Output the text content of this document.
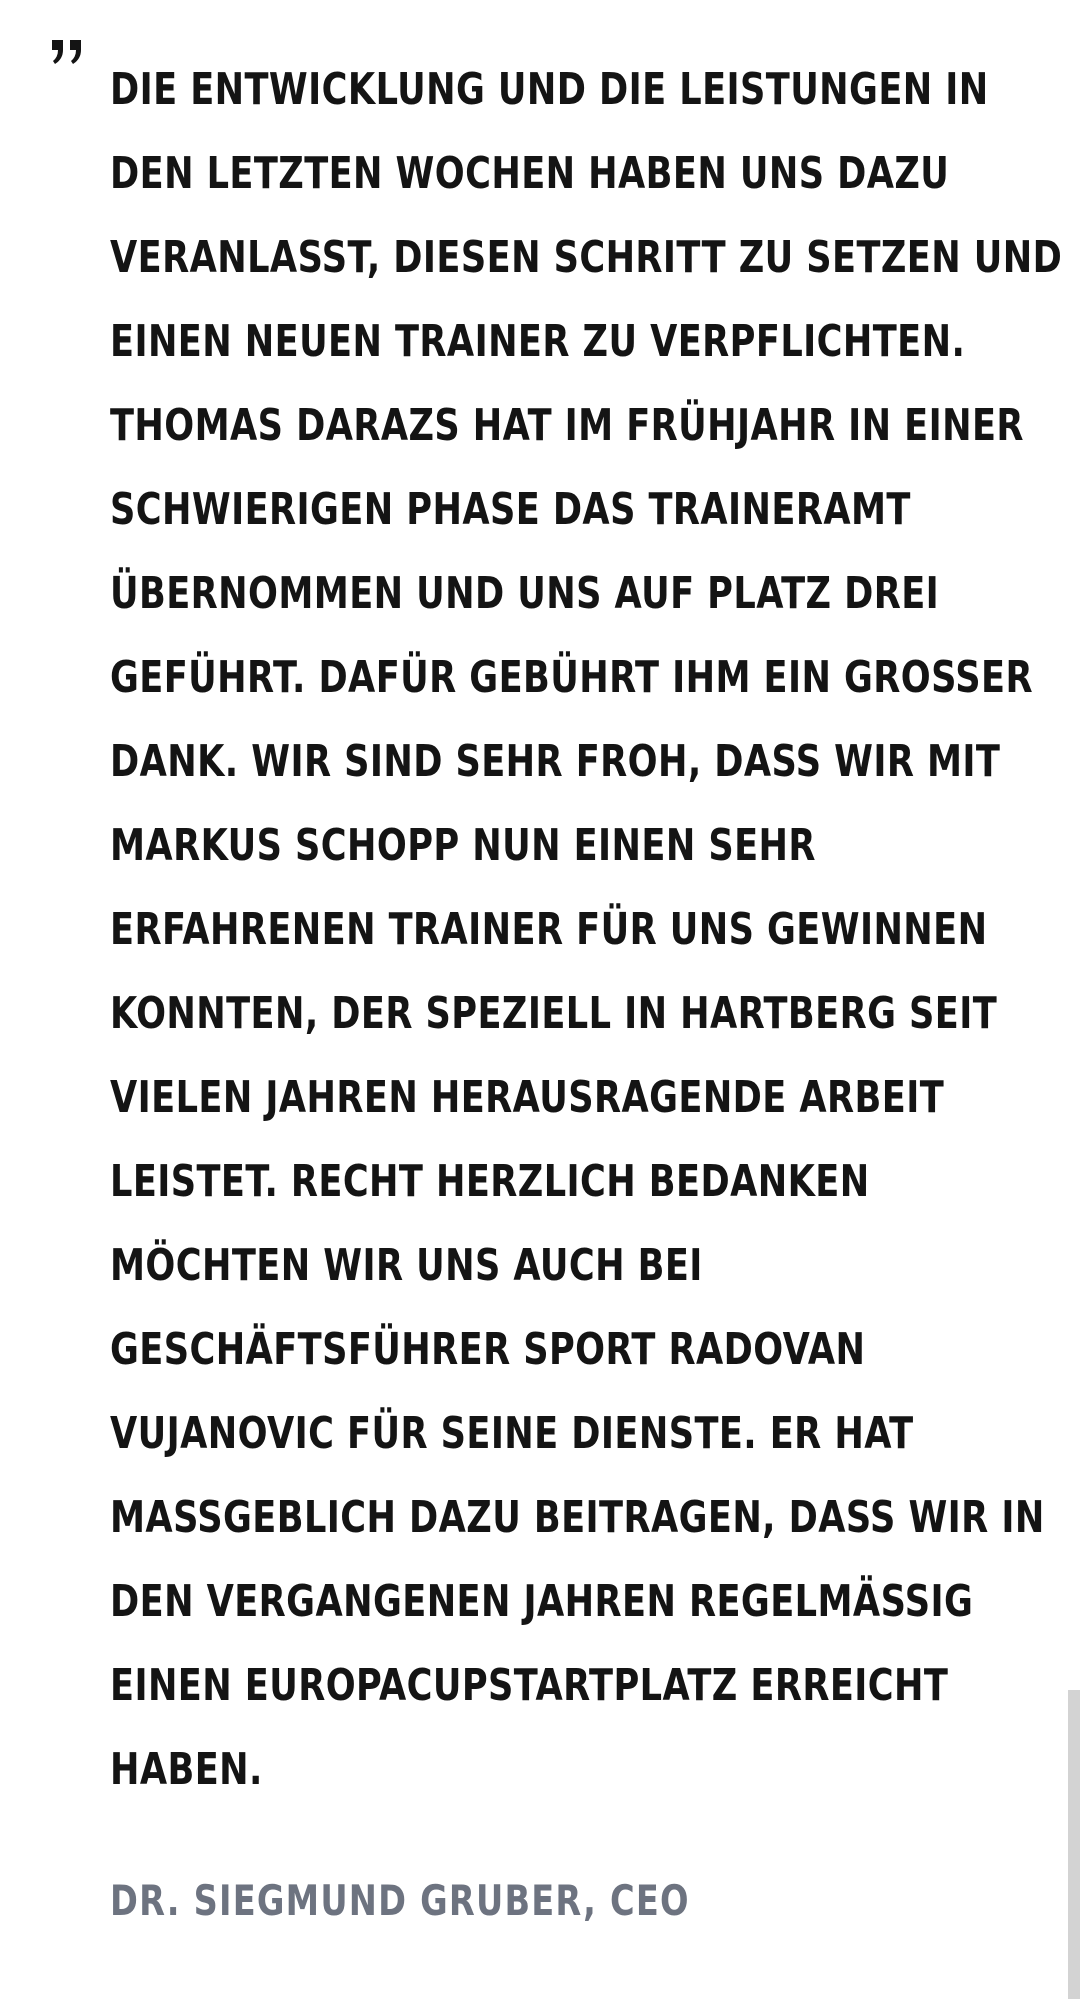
DIE ENTWICKLUNG UND DIE LEISTUNGEN IN
DEN LETZTEN WOCHEN HABEN UNS DAZU
VERANLASST, DIESEN SCHRITT ZU SETZEN UND
EINEN NEUEN TRAINER ZU VERPFLICHTEN.
THOMAS DARAZS HAT IM FRÜHJAHR IN EINER
SCHWIERIGEN PHASE DAS TRAINERAMT
ÜBERNOMMEN UND UNS AUF PLATZ DREI
GEFÜHRT. DAFÜR GEBÜHRT IHM EIN GROSSER
DANK. WIR SIND SEHR FROH, DASS WIR MIT
MARKUS SCHOPP NUN EINEN SEHR
ERFAHRENEN TRAINER FÜR UNS GEWINNEN
KONNTEN, DER SPEZIELL IN HARTBERG SEIT
VIELEN JAHREN HERAUSRAGENDE ARBEIT
LEISTET. RECHT HERZLICH BEDANKEN
MÖCHTEN WIR UNS AUCH BEI
GESCHÄFTSFÜHRER SPORT RADOVAN
VUJANOVIC FÜR SEINE DIENSTE. ER HAT
MASSGEBLICH DAZU BEITRAGEN, DASS WIR IN
DEN VERGANGENEN JAHREN REGELMÄSSIG
EINEN EUROPACUPSTARTPLATZ ERREICHT
HABEN.

DR. SIEGMUND GRUBER, CEO
